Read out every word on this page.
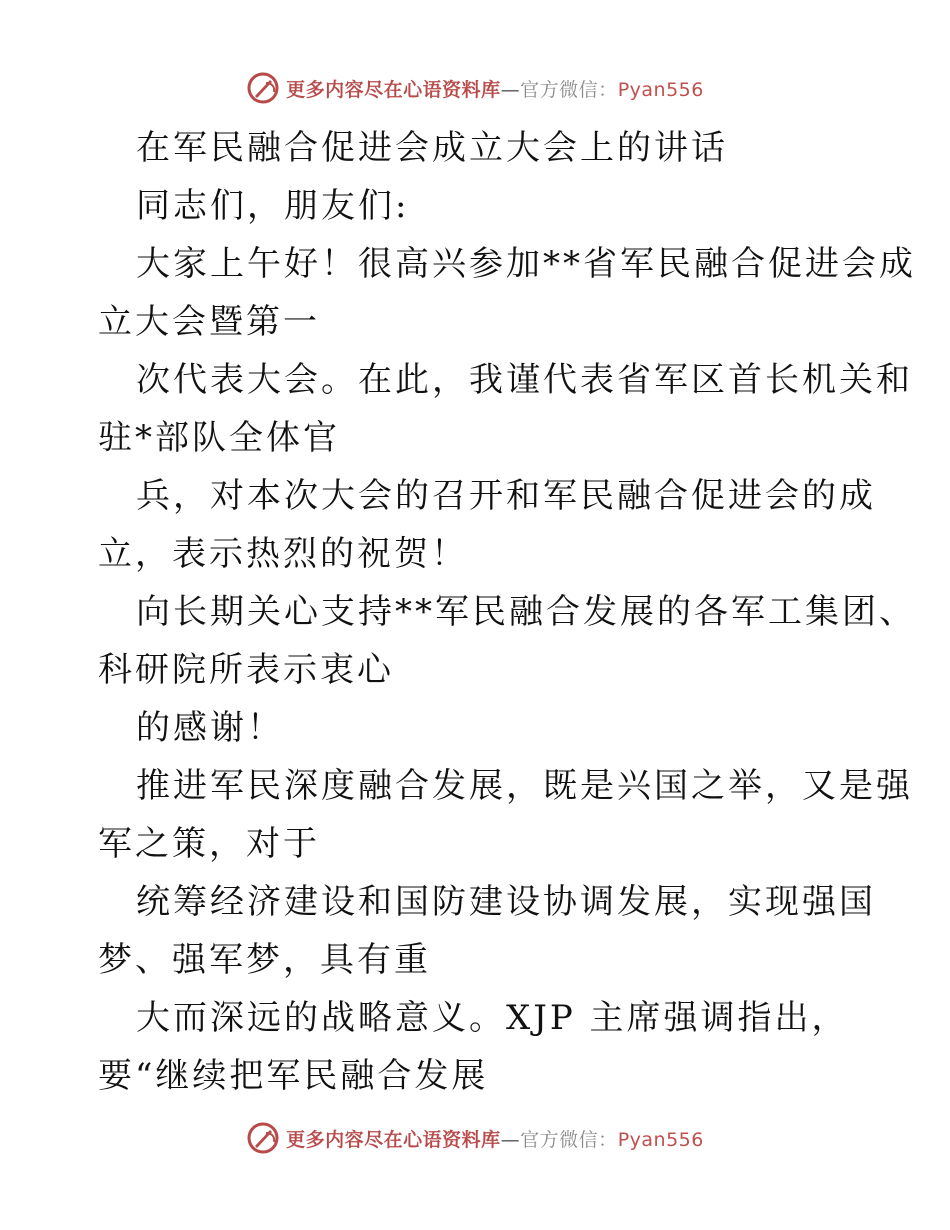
更多内容尽在心语资料库—官方微信：Pyan556
在军民融合促进会成立大会上的讲话
同志们，朋友们:
大家上午好！很高兴参加**省军民融合促进会成
立大会暨第一
次代表大会。在此，我谨代表省军区首长机关和
驻*部队全体官
兵，对本次大会的召开和军民融合促进会的成
立，表示热烈的祝贺！
向长期关心支持**军民融合发展的各军工集团、
科研院所表示衷心
的感谢！
推进军民深度融合发展，既是兴国之举，又是强
军之策，对于
统筹经济建设和国防建设协调发展，实现强国
梦、强军梦，具有重
大而深远的战略意义。XJP 主席强调指出，
要“继续把军民融合发展
更多内容尽在心语资料库—官方微信：Pyan556
